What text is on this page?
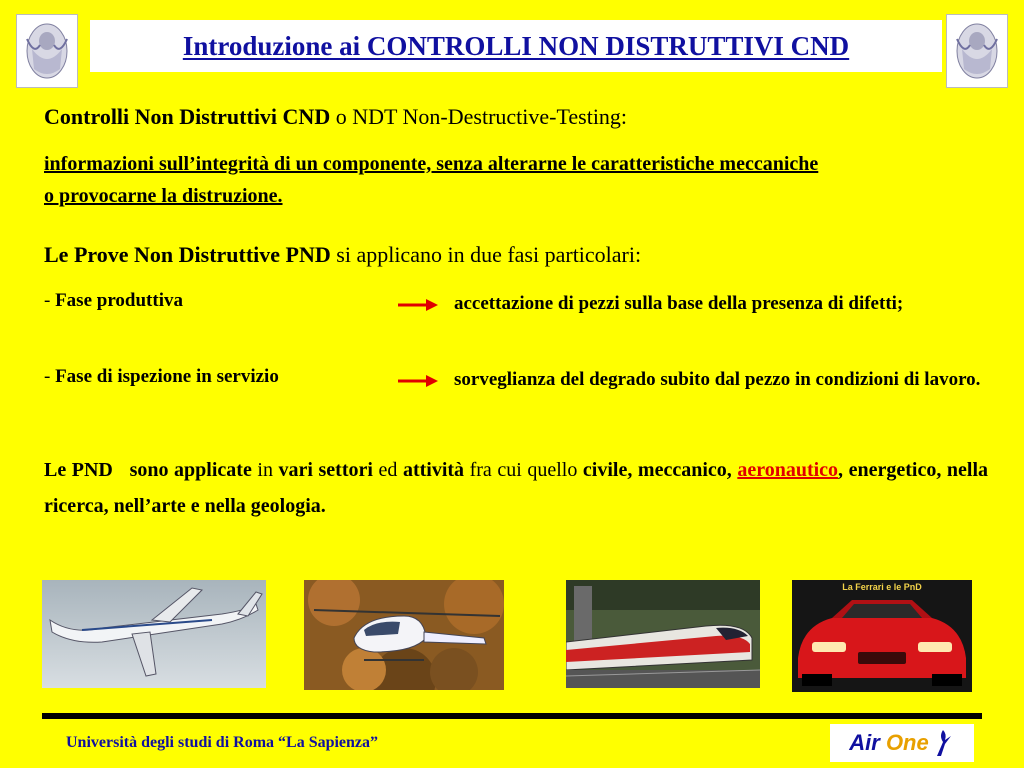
Introduzione ai CONTROLLI NON DISTRUTTIVI CND
Controlli Non Distruttivi CND o NDT Non-Destructive-Testing:
informazioni sull’integrità di un componente, senza alterarne le caratteristiche meccaniche o provocarne la distruzione.
Le Prove Non Distruttive PND si applicano in due fasi particolari:
- Fase produttiva	accettazione di pezzi sulla base della presenza di difetti;
- Fase di ispezione in servizio	sorveglianza del degrado subito dal pezzo in condizioni di lavoro.
Le PND sono applicate in vari settori ed attività fra cui quello civile, meccanico, aeronautico, energetico, nella ricerca, nell’arte e nella geologia.
La Ferrari e le PnD
Università degli studi di Roma “La Sapienza”	Air One
